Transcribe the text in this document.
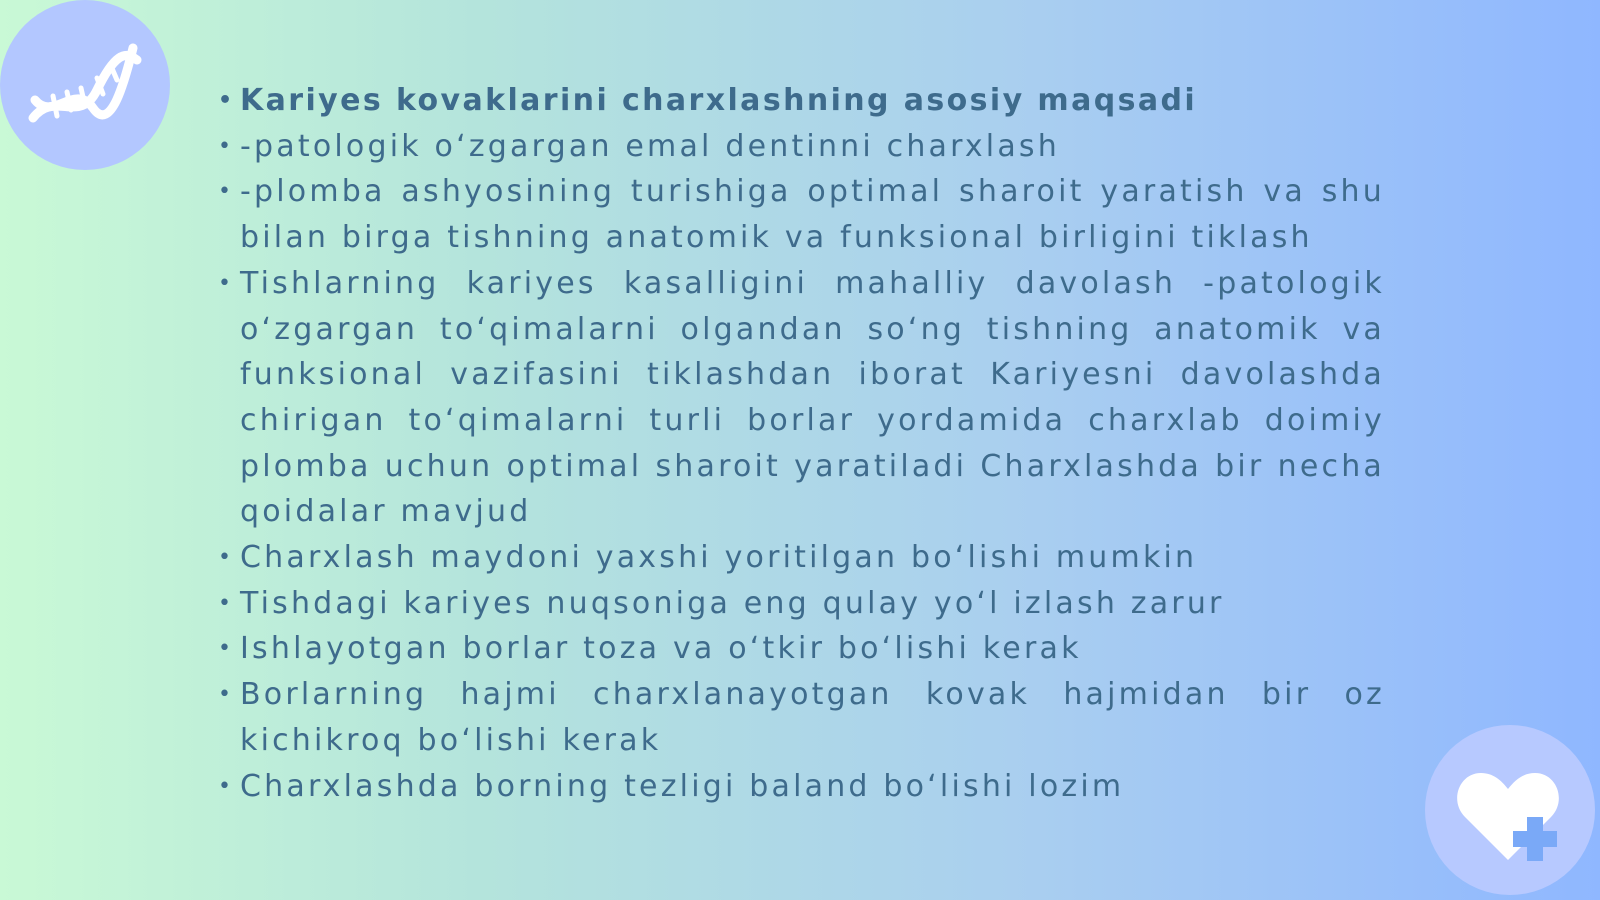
• Kariyes kovaklarini charxlashning asosiy maqsadi
• -patologik o‘zgargan emal dentinni charxlash
• -plomba ashyosining turishiga optimal sharoit yaratish va shu bilan birga tishning anatomik va funksional birligini tiklash
• Tishlarning kariyes kasalligini mahalliy davolash -patologik o‘zgargan to‘qimalarni olgandan so‘ng tishning anatomik va funksional vazifasini tiklashdan iborat Kariyesni davolashda chirigan to‘qimalarni turli borlar yordamida charxlab doimiy plomba uchun optimal sharoit yaratiladi Charxlashda bir necha qoidalar mavjud
• Charxlash maydoni yaxshi yoritilgan bo‘lishi mumkin
• Tishdagi kariyes nuqsoniga eng qulay yo‘l izlash zarur
• Ishlayotgan borlar toza va o‘tkir bo‘lishi kerak
• Borlarning hajmi charxlanayotgan kovak hajmidan bir oz kichikroq bo‘lishi kerak
• Charxlashda borning tezligi baland bo‘lishi lozim
